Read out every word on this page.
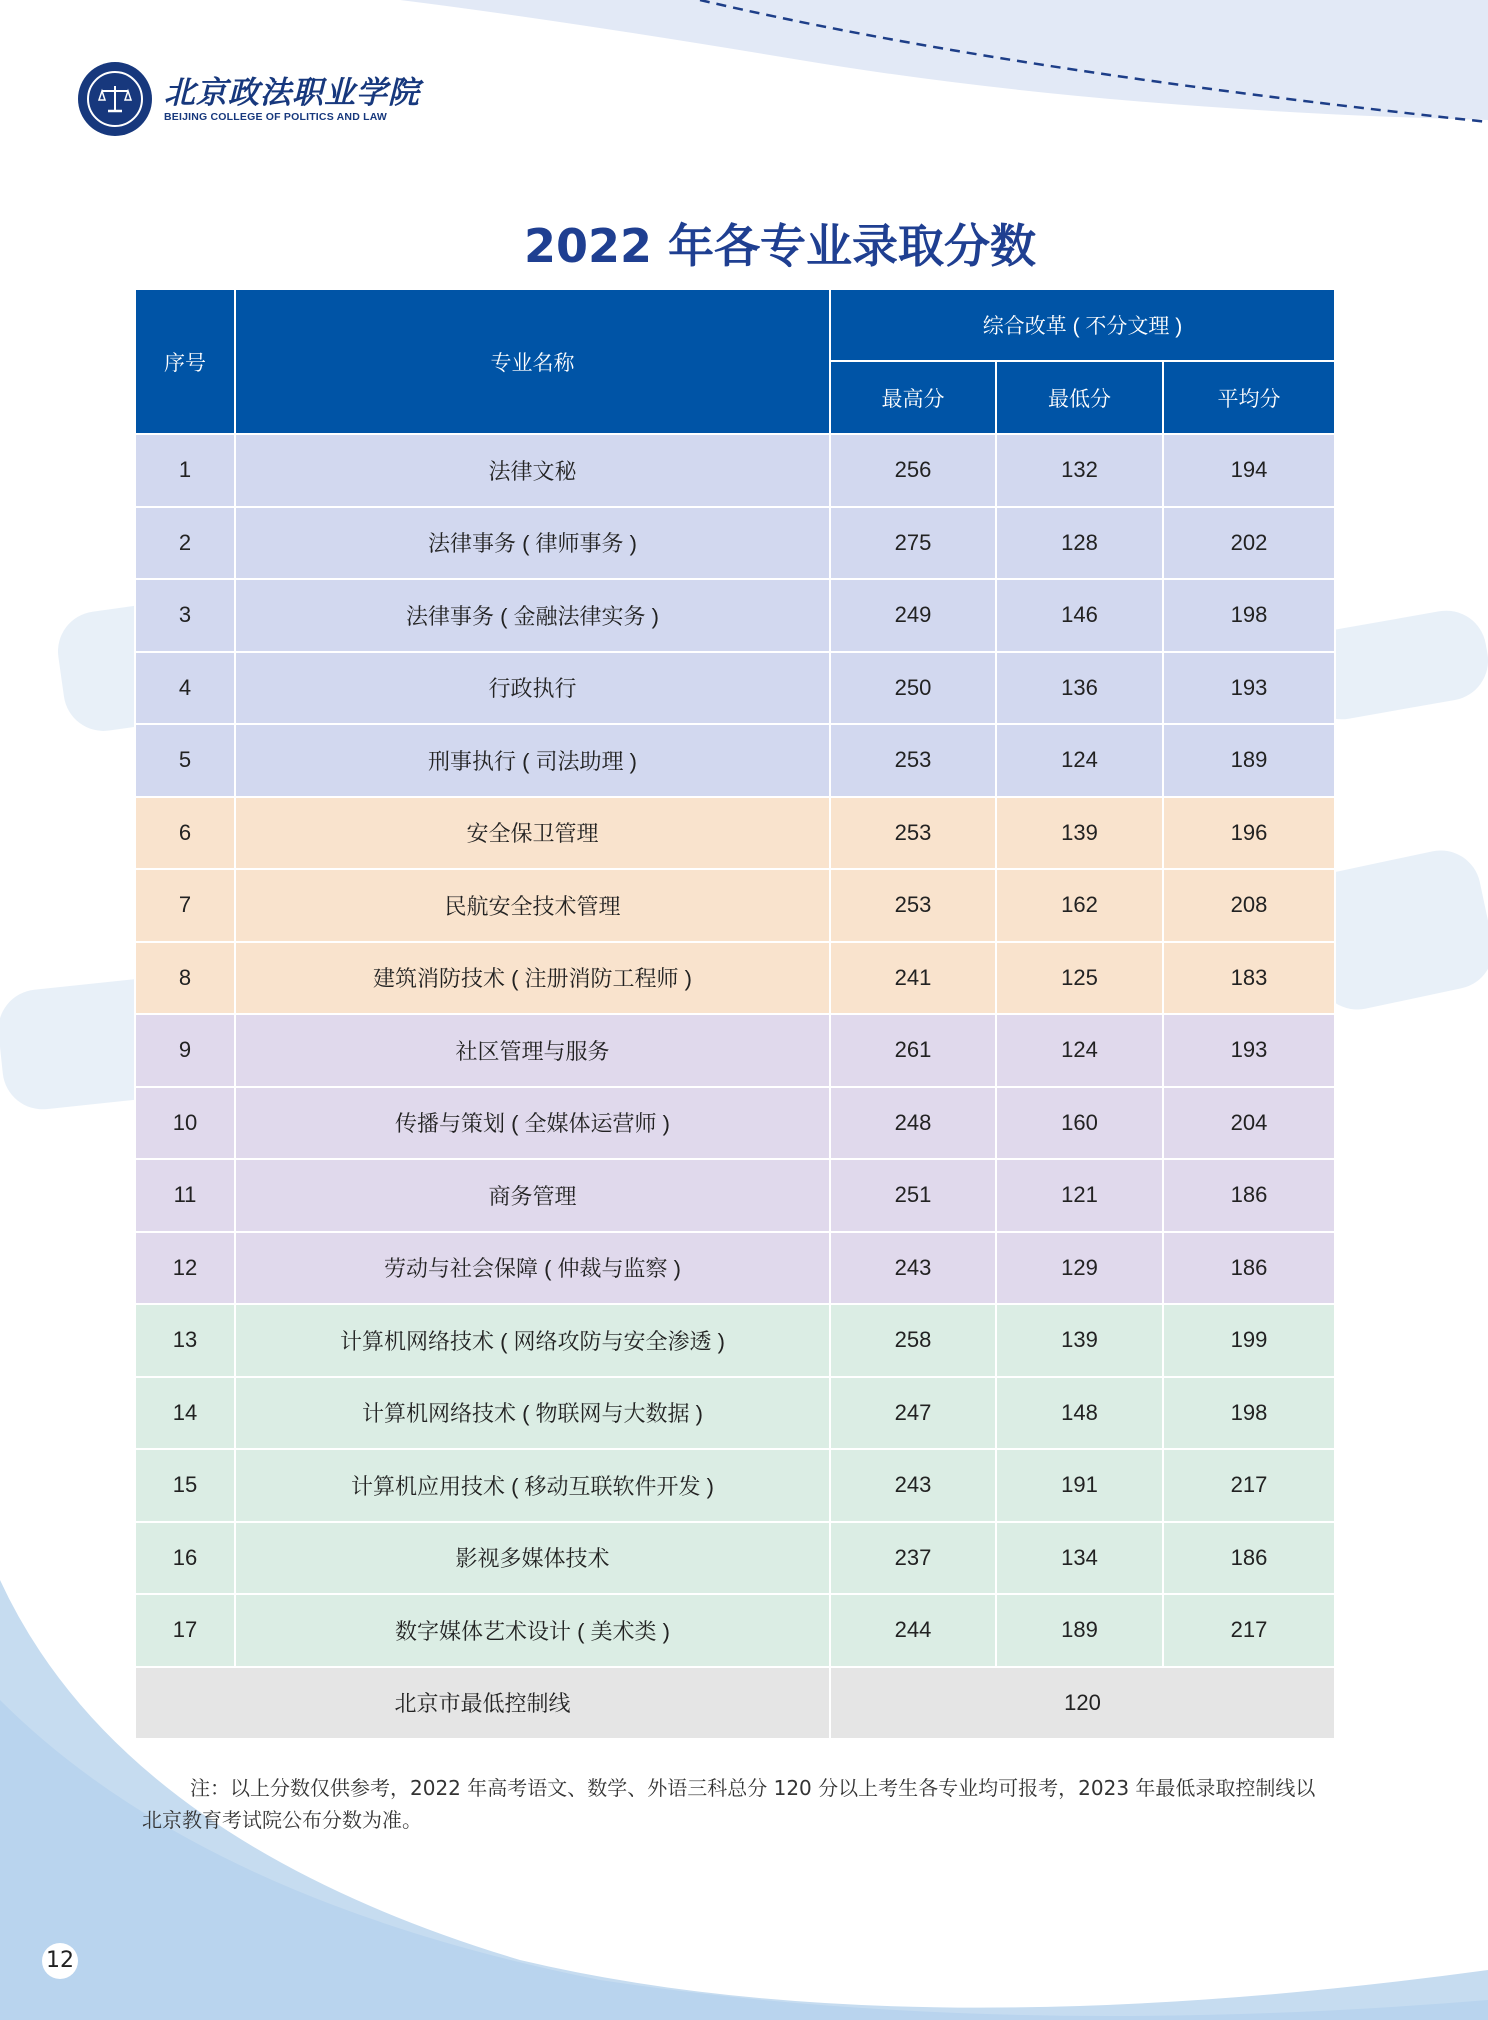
北京政法职业学院
BEIJING COLLEGE OF POLITICS AND LAW
2022 年各专业录取分数
序号	专业名称	综合改革 ( 不分文理 )		
		最高分	最低分	平均分
1	法律文秘	256	132	194
2	法律事务 ( 律师事务 )	275	128	202
3	法律事务 ( 金融法律实务 )	249	146	198
4	行政执行	250	136	193
5	刑事执行 ( 司法助理 )	253	124	189
6	安全保卫管理	253	139	196
7	民航安全技术管理	253	162	208
8	建筑消防技术 ( 注册消防工程师 )	241	125	183
9	社区管理与服务	261	124	193
10	传播与策划 ( 全媒体运营师 )	248	160	204
11	商务管理	251	121	186
12	劳动与社会保障 ( 仲裁与监察 )	243	129	186
13	计算机网络技术 ( 网络攻防与安全渗透 )	258	139	199
14	计算机网络技术 ( 物联网与大数据 )	247	148	198
15	计算机应用技术 ( 移动互联软件开发 )	243	191	217
16	影视多媒体技术	237	134	186
17	数字媒体艺术设计 ( 美术类 )	244	189	217
北京市最低控制线		120		
注：以上分数仅供参考，2022 年高考语文、数学、外语三科总分 120 分以上考生各专业均可报考，2023 年最低录取控制线以北京教育考试院公布分数为准。
12
